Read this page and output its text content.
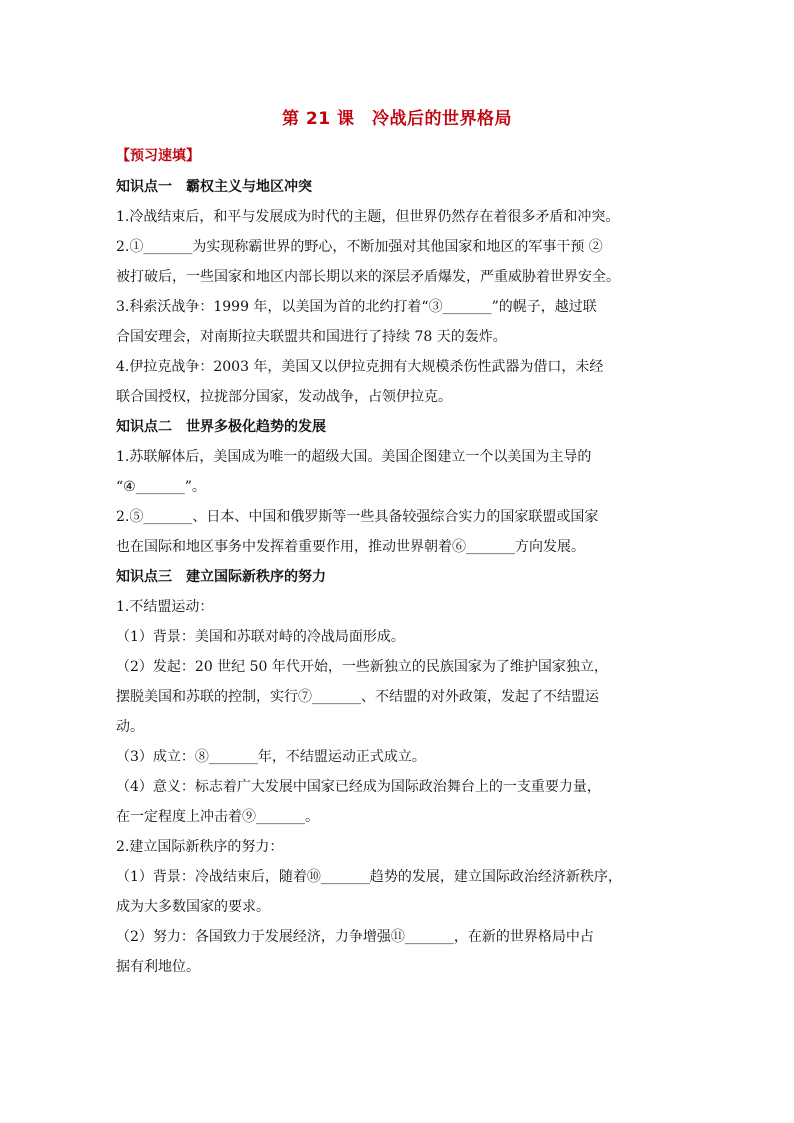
第 21 课　冷战后的世界格局
【预习速填】
知识点一　霸权主义与地区冲突
1.冷战结束后，和平与发展成为时代的主题，但世界仍然存在着很多矛盾和冲突。
2.①_______为实现称霸世界的野心，不断加强对其他国家和地区的军事干预 ②
被打破后，一些国家和地区内部长期以来的深层矛盾爆发，严重威胁着世界安全。
3.科索沃战争：1999 年，以美国为首的北约打着“③_______”的幌子，越过联
合国安理会，对南斯拉夫联盟共和国进行了持续 78 天的轰炸。
4.伊拉克战争：2003 年，美国又以伊拉克拥有大规模杀伤性武器为借口，未经
联合国授权，拉拢部分国家，发动战争，占领伊拉克。
知识点二　世界多极化趋势的发展
1.苏联解体后，美国成为唯一的超级大国。美国企图建立一个以美国为主导的
“④_______”。
2.⑤_______、日本、中国和俄罗斯等一些具备较强综合实力的国家联盟或国家
也在国际和地区事务中发挥着重要作用，推动世界朝着⑥_______方向发展。
知识点三　建立国际新秩序的努力
1.不结盟运动：
（1）背景：美国和苏联对峙的冷战局面形成。
（2）发起：20 世纪 50 年代开始，一些新独立的民族国家为了维护国家独立，
摆脱美国和苏联的控制，实行⑦_______、不结盟的对外政策，发起了不结盟运
动。
（3）成立：⑧_______年，不结盟运动正式成立。
（4）意义：标志着广大发展中国家已经成为国际政治舞台上的一支重要力量，
在一定程度上冲击着⑨_______。
2.建立国际新秩序的努力：
（1）背景：冷战结束后，随着⑩_______趋势的发展，建立国际政治经济新秩序，
成为大多数国家的要求。
（2）努力：各国致力于发展经济，力争增强⑪_______，在新的世界格局中占
据有利地位。
